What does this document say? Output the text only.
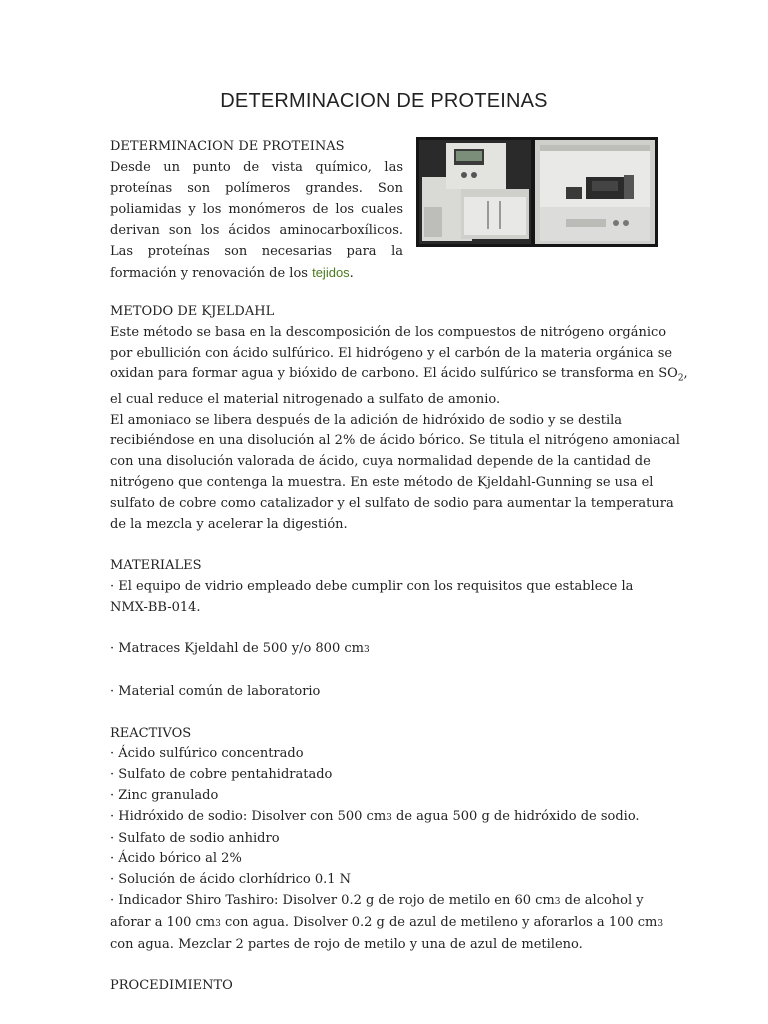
DETERMINACION DE PROTEINAS
DETERMINACION DE PROTEINAS
Desde un punto de vista químico, las
proteínas son polímeros grandes. Son
poliamidas y los monómeros de los cuales
derivan son los ácidos aminocarboxílicos.
Las proteínas son necesarias para la
formación y renovación de los tejidos.

METODO DE KJELDAHL

Este método se basa en la descomposición de los compuestos de nitrógeno orgánico

por ebullición con ácido sulfúrico. El hidrógeno y el carbón de la materia orgánica se

oxidan para formar agua y bióxido de carbono. El ácido sulfúrico se transforma en $SO_2$,

el cual reduce el material nitrogenado a sulfato de amonio.

El amoniaco se libera después de la adición de hidróxido de sodio y se destila

recibiéndose en una disolución al 2% de ácido bórico. Se titula el nitrógeno amoniacal

con una disolución valorada de ácido, cuya normalidad depende de la cantidad de

nitrógeno que contenga la muestra. En este método de Kjeldahl-Gunning se usa el

sulfato de cobre como catalizador y el sulfato de sodio para aumentar la temperatura

de la mezcla y acelerar la digestión.

MATERIALES

· El equipo de vidrio empleado debe cumplir con los requisitos que establece la

NMX-BB-014.

· Matraces Kjeldahl de 500 y/o 800 cm3

· Material común de laboratorio

REACTIVOS

· Ácido sulfúrico concentrado

· Sulfato de cobre pentahidratado

· Zinc granulado

· Hidróxido de sodio: Disolver con 500 cm3 de agua 500 g de hidróxido de sodio.

· Sulfato de sodio anhidro

· Ácido bórico al 2%

· Solución de ácido clorhídrico 0.1 N

· Indicador Shiro Tashiro: Disolver 0.2 g de rojo de metilo en 60 cm3 de alcohol y

aforar a 100 cm3 con agua. Disolver 0.2 g de azul de metileno y aforarlos a 100 cm3

con agua. Mezclar 2 partes de rojo de metilo y una de azul de metileno.

PROCEDIMIENTO
